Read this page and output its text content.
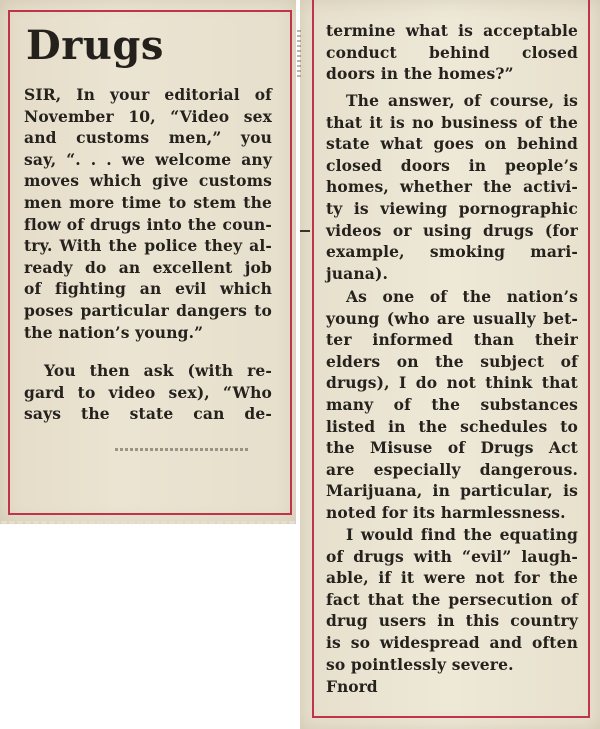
Drugs
SIR, In your editorial of
November 10, “Video sex
and customs men,” you
say, “. . . we welcome any
moves which give customs
men more time to stem the
flow of drugs into the coun-
try. With the police they al-
ready do an excellent job
of fighting an evil which
poses particular dangers to
the nation’s young.”
You then ask (with re-
gard to video sex), “Who
says the state can de-
termine what is acceptable
conduct behind closed
doors in the homes?”
The answer, of course, is
that it is no business of the
state what goes on behind
closed doors in people’s
homes, whether the activi-
ty is viewing pornographic
videos or using drugs (for
example, smoking mari-
juana).
As one of the nation’s
young (who are usually bet-
ter informed than their
elders on the subject of
drugs), I do not think that
many of the substances
listed in the schedules to
the Misuse of Drugs Act
are especially dangerous.
Marijuana, in particular, is
noted for its harmlessness.
I would find the equating
of drugs with “evil” laugh-
able, if it were not for the
fact that the persecution of
drug users in this country
is so widespread and often
so pointlessly severe.
Fnord
